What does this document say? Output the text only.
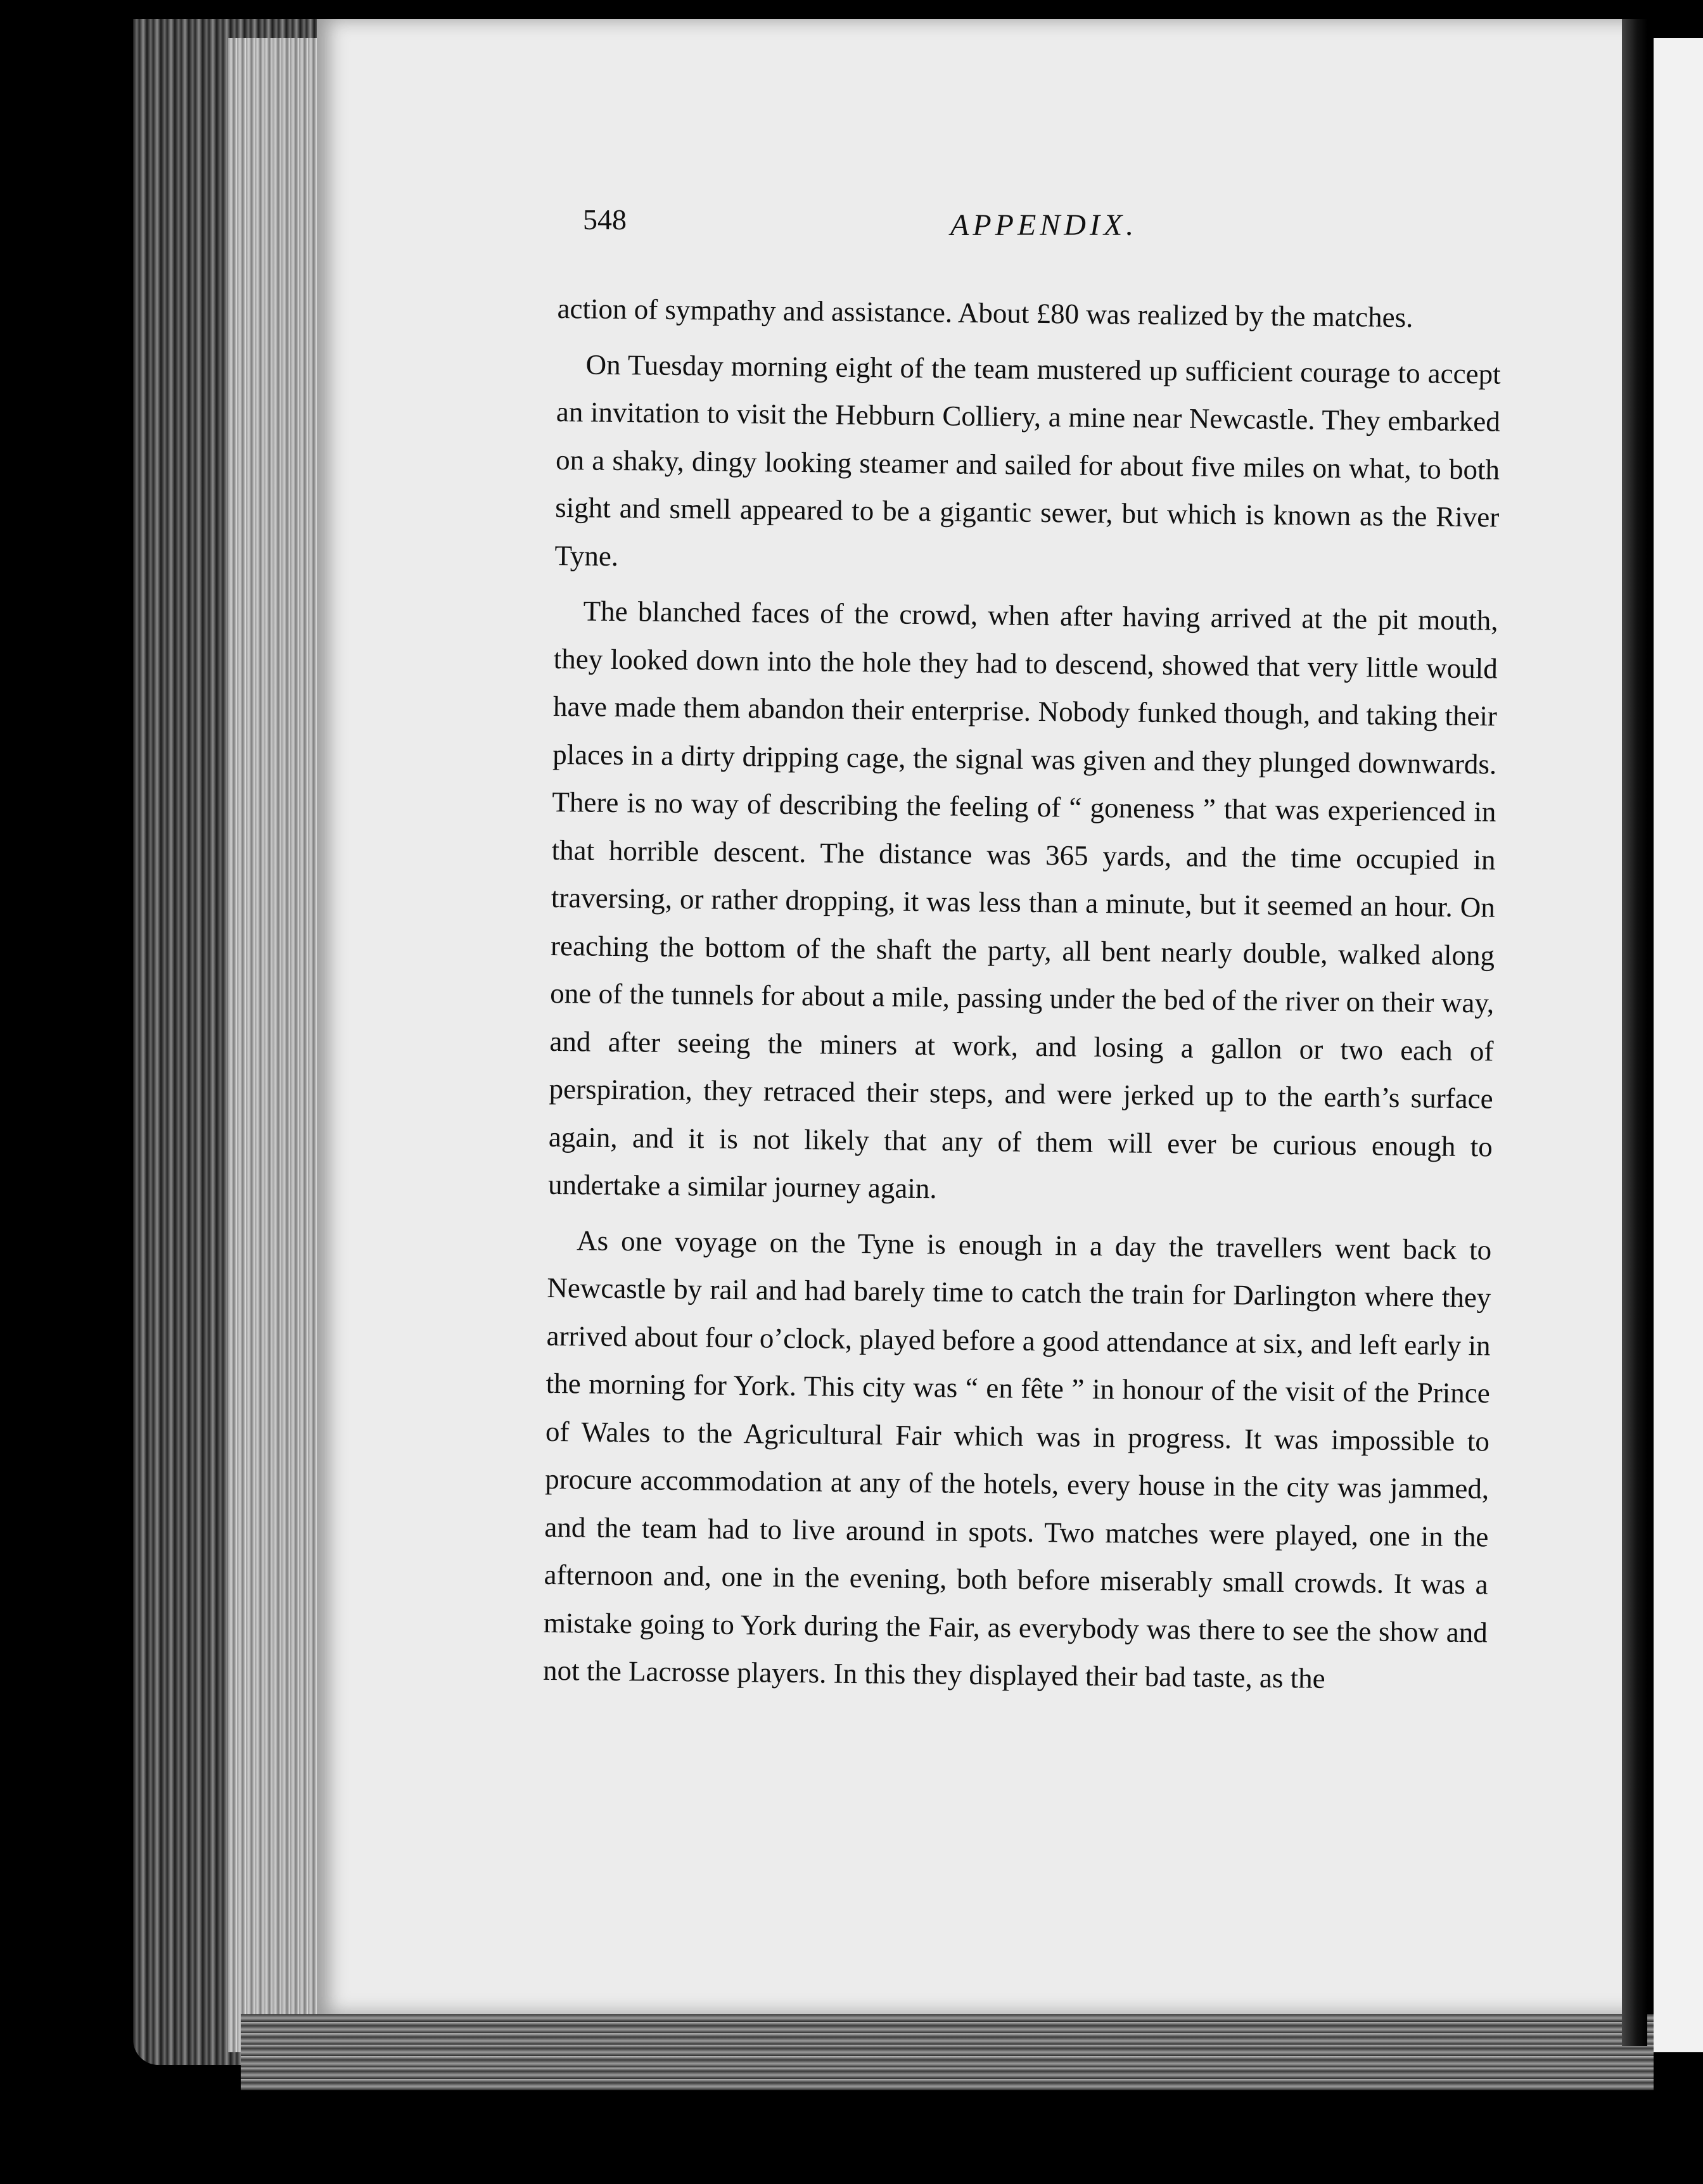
548	APPENDIX.

action of sympathy and assistance. About £80 was realized by the matches.

On Tuesday morning eight of the team mustered up sufficient courage to accept an invitation to visit the Hebburn Colliery, a mine near Newcastle. They embarked on a shaky, dingy looking steamer and sailed for about five miles on what, to both sight and smell appeared to be a gigantic sewer, but which is known as the River Tyne.

The blanched faces of the crowd, when after having arrived at the pit mouth, they looked down into the hole they had to descend, showed that very little would have made them abandon their enterprise. Nobody funked though, and taking their places in a dirty dripping cage, the signal was given and they plunged downwards. There is no way of describing the feeling of “ goneness ” that was experienced in that horrible descent. The distance was 365 yards, and the time occupied in traversing, or rather dropping, it was less than a minute, but it seemed an hour. On reaching the bottom of the shaft the party, all bent nearly double, walked along one of the tunnels for about a mile, passing under the bed of the river on their way, and after seeing the miners at work, and losing a gallon or two each of perspiration, they retraced their steps, and were jerked up to the earth’s surface again, and it is not likely that any of them will ever be curious enough to undertake a similar journey again.

As one voyage on the Tyne is enough in a day the travellers went back to Newcastle by rail and had barely time to catch the train for Darlington where they arrived about four o’clock, played before a good attendance at six, and left early in the morning for York. This city was “ en fête ” in honour of the visit of the Prince of Wales to the Agricultural Fair which was in progress. It was impossible to procure accommodation at any of the hotels, every house in the city was jammed, and the team had to live around in spots. Two matches were played, one in the afternoon and, one in the evening, both before miserably small crowds. It was a mistake going to York during the Fair, as everybody was there to see the show and not the Lacrosse players. In this they displayed their bad taste, as the
